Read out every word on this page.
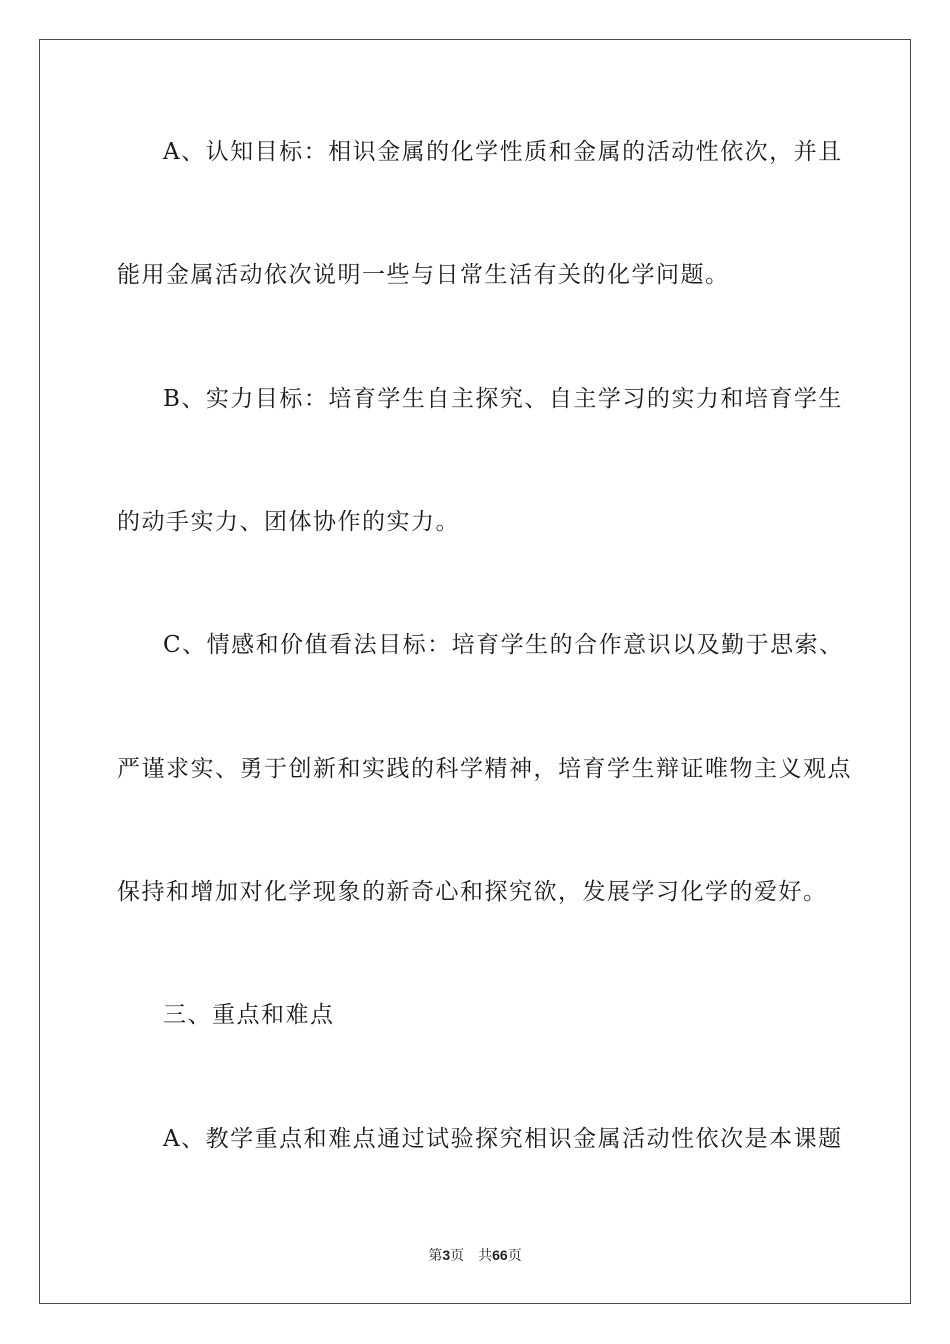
A、认知目标：相识金属的化学性质和金属的活动性依次，并且
能用金属活动依次说明一些与日常生活有关的化学问题。
B、实力目标：培育学生自主探究、自主学习的实力和培育学生
的动手实力、团体协作的实力。
C、情感和价值看法目标：培育学生的合作意识以及勤于思索、
严谨求实、勇于创新和实践的科学精神，培育学生辩证唯物主义观点
保持和增加对化学现象的新奇心和探究欲，发展学习化学的爱好。
三、重点和难点
A、教学重点和难点通过试验探究相识金属活动性依次是本课题
第3页 共66页
